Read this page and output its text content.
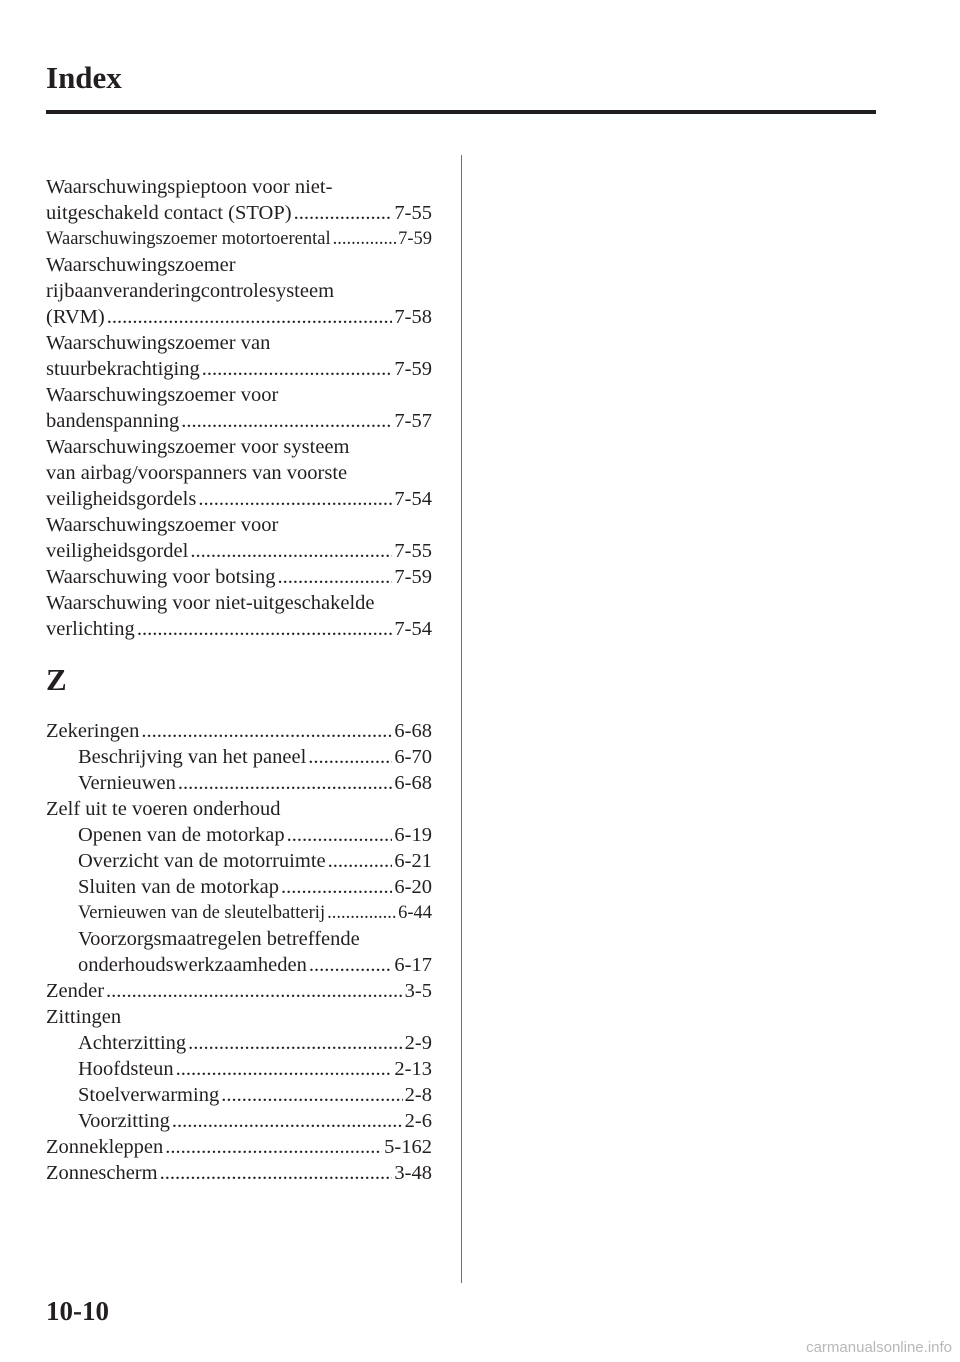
Index
Waarschuwingspieptoon voor niet-
uitgeschakeld contact (STOP) .....	7-55
Waarschuwingszoemer motortoerental .....	7-59
Waarschuwingszoemer
rijbaanveranderingcontrolesysteem
(RVM) .....	7-58
Waarschuwingszoemer van
stuurbekrachtiging .....	7-59
Waarschuwingszoemer voor
bandenspanning .....	7-57
Waarschuwingszoemer voor systeem
van airbag/voorspanners van voorste
veiligheidsgordels .....	7-54
Waarschuwingszoemer voor
veiligheidsgordel .....	7-55
Waarschuwing voor botsing .....	7-59
Waarschuwing voor niet-uitgeschakelde
verlichting .....	7-54
Z
Zekeringen .....	6-68
Beschrijving van het paneel .....	6-70
Vernieuwen .....	6-68
Zelf uit te voeren onderhoud
Openen van de motorkap .....	6-19
Overzicht van de motorruimte .....	6-21
Sluiten van de motorkap .....	6-20
Vernieuwen van de sleutelbatterij .....	6-44
Voorzorgsmaatregelen betreffende
onderhoudswerkzaamheden .....	6-17
Zender .....	3-5
Zittingen
Achterzitting .....	2-9
Hoofdsteun .....	2-13
Stoelverwarming .....	2-8
Voorzitting .....	2-6
Zonnekleppen .....	5-162
Zonnescherm .....	3-48
10-10
carmanualsonline.info
